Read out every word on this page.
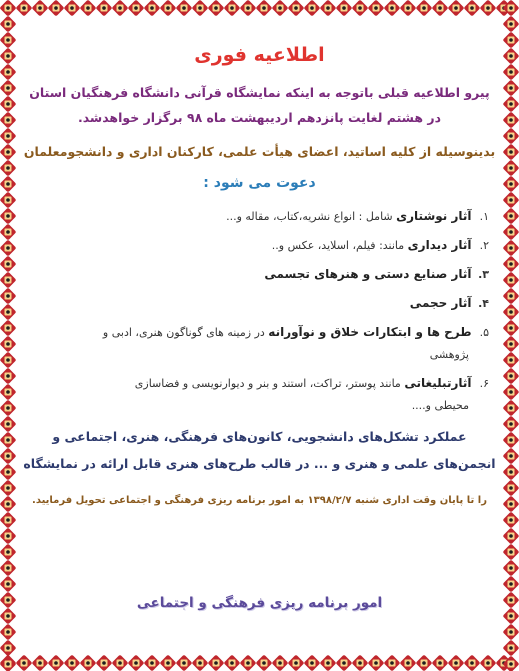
اطلاعیه فوری
پیرو اطلاعیه قبلی باتوجه به اینکه نمایشگاه قرآنی دانشگاه فرهنگیان استان در هشتم لغایت پانزدهم اردیبهشت ماه ۹۸ برگزار خواهدشد.
بدینوسیله از کلیه اساتید، اعضای هیأت علمی، کارکنان اداری و دانشجومعلمان
دعوت می شود :
۱. آثار نوشتاری شامل : انواع نشریه،کتاب، مقاله و...
۲. آثار دیداری مانند: فیلم، اسلاید، عکس و..
۳. آثار صنایع دستی و هنرهای تجسمی
۴. آثار حجمی
۵. طرح ها و ابتکارات خلاق و نوآورانه در زمینه های گوناگون هنری، ادبی و
پژوهشی
۶. آثارتبلیغاتی مانند پوستر، تراکت، استند و بنر و دیوارنویسی و فضاسازی
محیطی و....
عملکرد تشکل‌های دانشجویی، کانون‌های فرهنگی، هنری، اجتماعی و انجمن‌های علمی و هنری و ... در قالب طرح‌های هنری قابل ارائه در نمایشگاه
را تا پایان وقت اداری شنبه ۱۳۹۸/۲/۷ به امور برنامه ریزی فرهنگی و اجتماعی تحویل فرمایید.
امور برنامه ریزی فرهنگی و اجتماعی
